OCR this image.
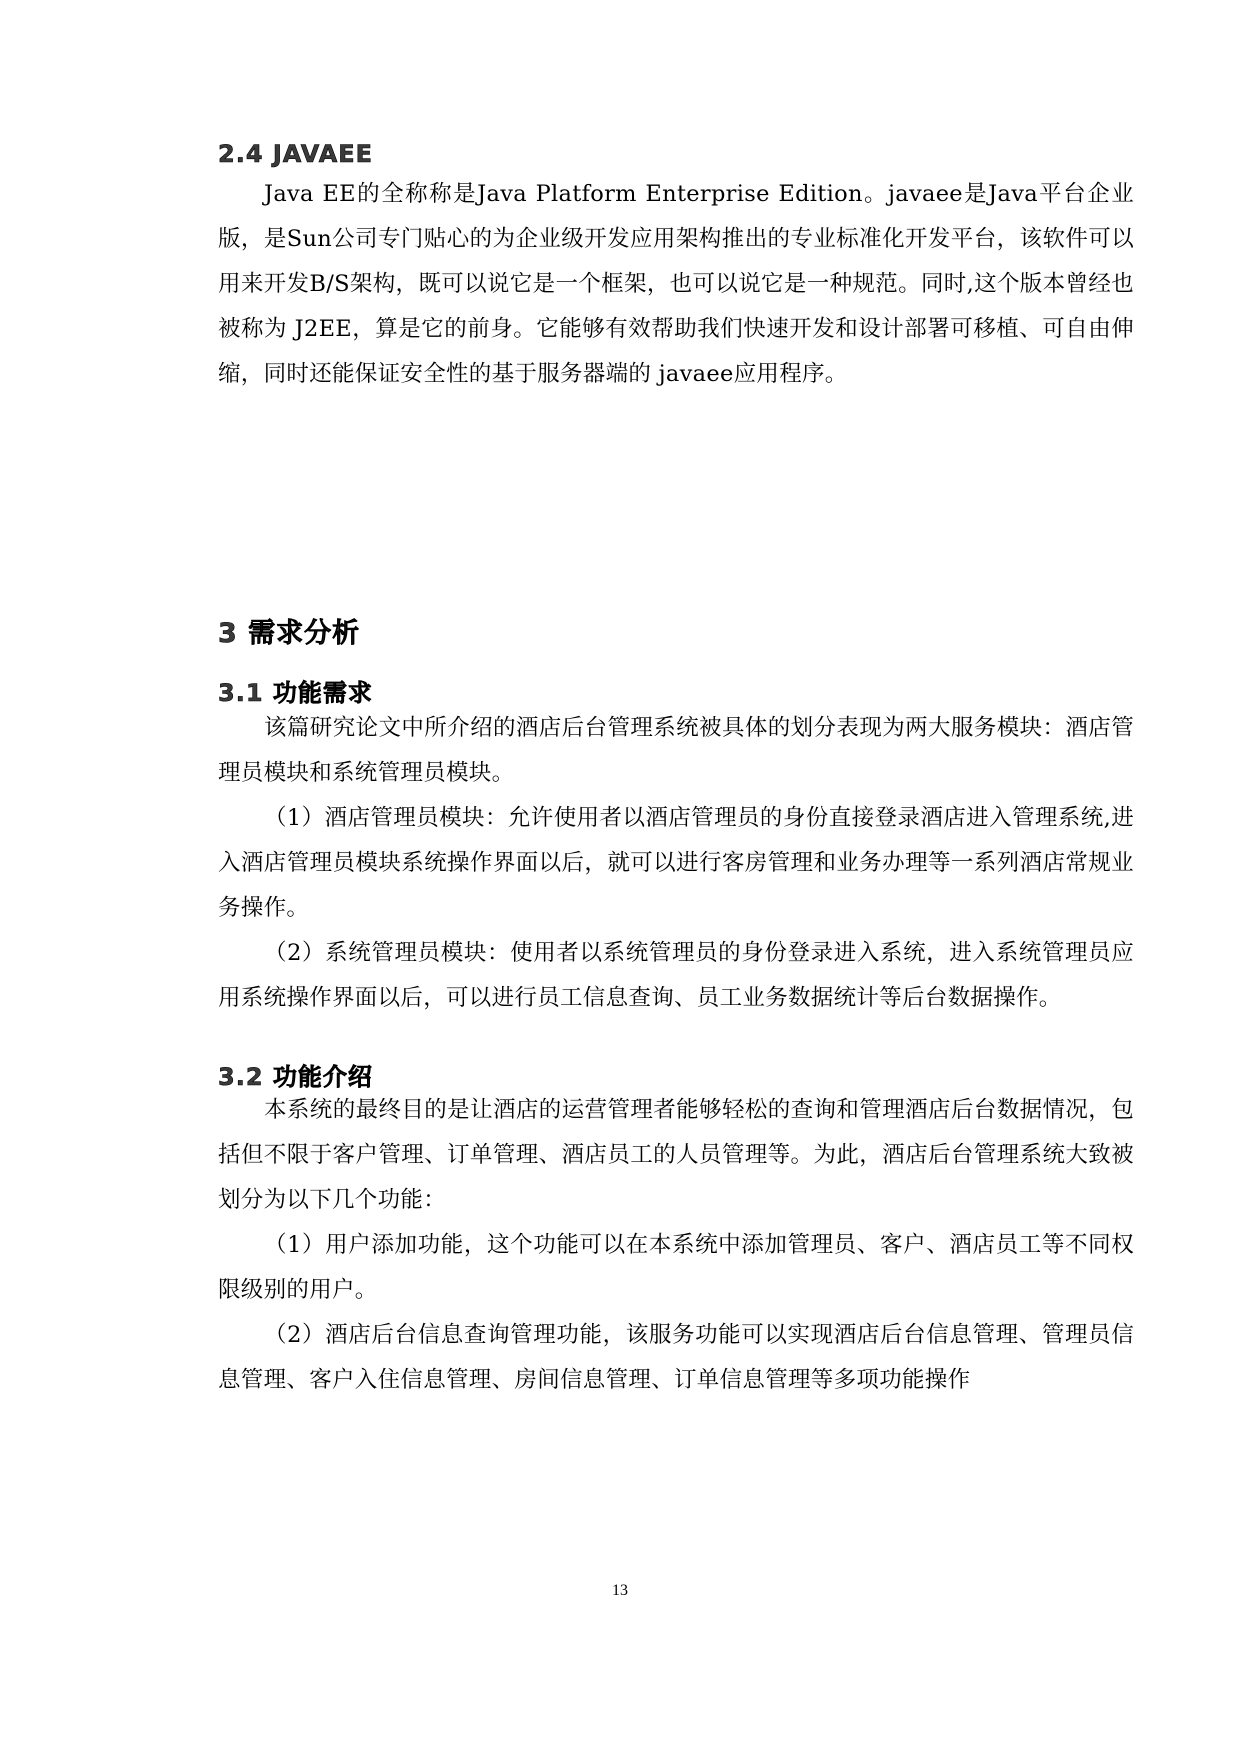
2.4 JAVAEE

Java EE的全称称是Java Platform Enterprise Edition。javaee是Java平台企业版，是Sun公司专门贴心的为企业级开发应用架构推出的专业标准化开发平台，该软件可以用来开发B/S架构，既可以说它是一个框架，也可以说它是一种规范。同时,这个版本曾经也被称为 J2EE，算是它的前身。它能够有效帮助我们快速开发和设计部署可移植、可自由伸缩，同时还能保证安全性的基于服务器端的 javaee应用程序。

3 需求分析
3.1 功能需求

该篇研究论文中所介绍的酒店后台管理系统被具体的划分表现为两大服务模块：酒店管理员模块和系统管理员模块。

（1）酒店管理员模块：允许使用者以酒店管理员的身份直接登录酒店进入管理系统,进入酒店管理员模块系统操作界面以后，就可以进行客房管理和业务办理等一系列酒店常规业务操作。

（2）系统管理员模块：使用者以系统管理员的身份登录进入系统，进入系统管理员应用系统操作界面以后，可以进行员工信息查询、员工业务数据统计等后台数据操作。

3.2 功能介绍

本系统的最终目的是让酒店的运营管理者能够轻松的查询和管理酒店后台数据情况，包括但不限于客户管理、订单管理、酒店员工的人员管理等。为此，酒店后台管理系统大致被划分为以下几个功能：

（1）用户添加功能，这个功能可以在本系统中添加管理员、客户、酒店员工等不同权限级别的用户。

（2）酒店后台信息查询管理功能，该服务功能可以实现酒店后台信息管理、管理员信息管理、客户入住信息管理、房间信息管理、订单信息管理等多项功能操作

13
